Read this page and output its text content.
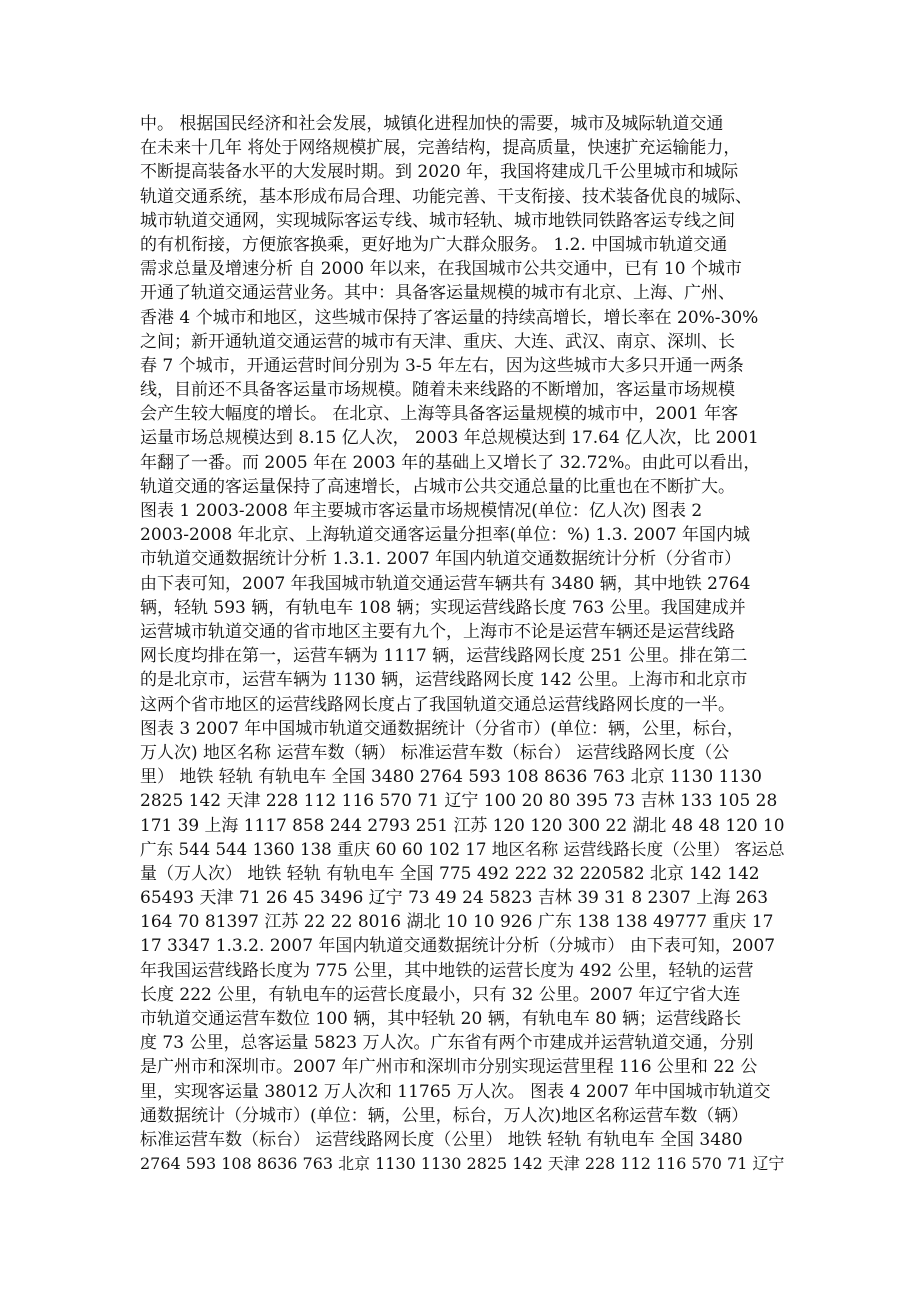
中。 根据国民经济和社会发展，城镇化进程加快的需要，城市及城际轨道交通
在未来十几年 将处于网络规模扩展，完善结构，提高质量，快速扩充运输能力，
不断提高装备水平的大发展时期。到 2020 年，我国将建成几千公里城市和城际
轨道交通系统，基本形成布局合理、功能完善、干支衔接、技术装备优良的城际、
城市轨道交通网，实现城际客运专线、城市轻轨、城市地铁同铁路客运专线之间
的有机衔接，方便旅客换乘，更好地为广大群众服务。 1.2. 中国城市轨道交通
需求总量及增速分析 自 2000 年以来，在我国城市公共交通中，已有 10 个城市
开通了轨道交通运营业务。其中：具备客运量规模的城市有北京、上海、广州、
香港 4 个城市和地区，这些城市保持了客运量的持续高增长，增长率在 20%-30%
之间；新开通轨道交通运营的城市有天津、重庆、大连、武汉、南京、深圳、长
春 7 个城市，开通运营时间分别为 3-5 年左右，因为这些城市大多只开通一两条
线，目前还不具备客运量市场规模。随着未来线路的不断增加，客运量市场规模
会产生较大幅度的增长。 在北京、上海等具备客运量规模的城市中，2001 年客
运量市场总规模达到 8.15 亿人次， 2003 年总规模达到 17.64 亿人次，比 2001
年翻了一番。而 2005 年在 2003 年的基础上又增长了 32.72%。由此可以看出，
轨道交通的客运量保持了高速增长，占城市公共交通总量的比重也在不断扩大。
图表 1 2003-2008 年主要城市客运量市场规模情况(单位：亿人次) 图表 2
2003-2008 年北京、上海轨道交通客运量分担率(单位：%) 1.3. 2007 年国内城
市轨道交通数据统计分析 1.3.1. 2007 年国内轨道交通数据统计分析（分省市）
由下表可知，2007 年我国城市轨道交通运营车辆共有 3480 辆，其中地铁 2764
辆，轻轨 593 辆，有轨电车 108 辆；实现运营线路长度 763 公里。我国建成并
运营城市轨道交通的省市地区主要有九个，上海市不论是运营车辆还是运营线路
网长度均排在第一，运营车辆为 1117 辆，运营线路网长度 251 公里。排在第二
的是北京市，运营车辆为 1130 辆，运营线路网长度 142 公里。上海市和北京市
这两个省市地区的运营线路网长度占了我国轨道交通总运营线路网长度的一半。
图表 3 2007 年中国城市轨道交通数据统计（分省市）(单位：辆，公里，标台，
万人次) 地区名称 运营车数（辆） 标准运营车数（标台） 运营线路网长度（公
里） 地铁 轻轨 有轨电车 全国 3480 2764 593 108 8636 763 北京 1130 1130
2825 142 天津 228 112 116 570 71 辽宁 100 20 80 395 73 吉林 133 105 28
171 39 上海 1117 858 244 2793 251 江苏 120 120 300 22 湖北 48 48 120 10
广东 544 544 1360 138 重庆 60 60 102 17 地区名称 运营线路长度（公里） 客运总
量（万人次） 地铁 轻轨 有轨电车 全国 775 492 222 32 220582 北京 142 142
65493 天津 71 26 45 3496 辽宁 73 49 24 5823 吉林 39 31 8 2307 上海 263
164 70 81397 江苏 22 22 8016 湖北 10 10 926 广东 138 138 49777 重庆 17
17 3347 1.3.2. 2007 年国内轨道交通数据统计分析（分城市） 由下表可知，2007
年我国运营线路长度为 775 公里，其中地铁的运营长度为 492 公里，轻轨的运营
长度 222 公里，有轨电车的运营长度最小，只有 32 公里。2007 年辽宁省大连
市轨道交通运营车数位 100 辆，其中轻轨 20 辆，有轨电车 80 辆；运营线路长
度 73 公里，总客运量 5823 万人次。广东省有两个市建成并运营轨道交通，分别
是广州市和深圳市。2007 年广州市和深圳市分别实现运营里程 116 公里和 22 公
里，实现客运量 38012 万人次和 11765 万人次。 图表 4 2007 年中国城市轨道交
通数据统计（分城市）(单位：辆，公里，标台，万人次)地区名称运营车数（辆）
标准运营车数（标台） 运营线路网长度（公里） 地铁 轻轨 有轨电车 全国 3480
2764 593 108 8636 763 北京 1130 1130 2825 142 天津 228 112 116 570 71 辽宁
